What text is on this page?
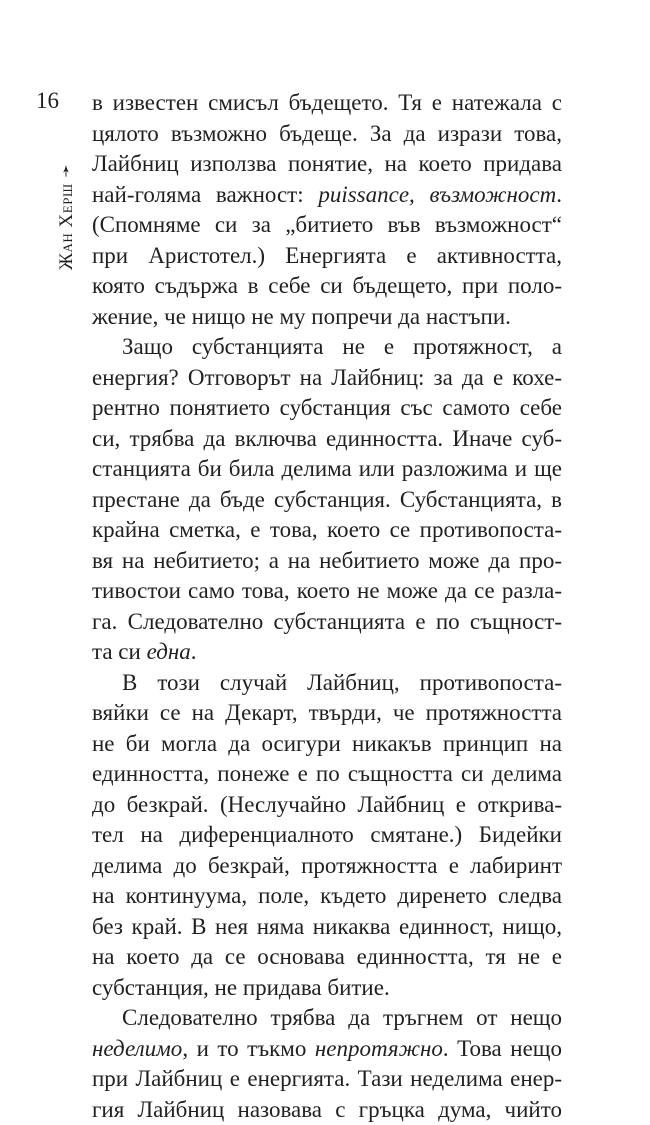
16
Жан Херш
➛
в известен смисъл бъдещето. Тя е натежала с
цялото възможно бъдеще. За да изрази това,
Лайбниц използва понятие, на което придава
най-голяма важност: puissance, възможност.
(Спомняме си за „битието във възможност“
при Аристотел.) Енергията е активността,
която съдържа в себе си бъдещето, при поло-
жение, че нищо не му попречи да настъпи.
Защо субстанцията не е протяжност, а
енергия? Отговорът на Лайбниц: за да е кохе-
рентно понятието субстанция със самото себе
си, трябва да включва единността. Иначе суб-
станцията би била делима или разложима и ще
престане да бъде субстанция. Субстанцията, в
крайна сметка, е това, което се противопоста-
вя на небитието; а на небитието може да про-
тивостои само това, което не може да се разла-
га. Следователно субстанцията е по същност-
та си една.
В този случай Лайбниц, противопоста-
вяйки се на Декарт, твърди, че протяжността
не би могла да осигури никакъв принцип на
единността, понеже е по същността си делима
до безкрай. (Неслучайно Лайбниц е открива-
тел на диференциалното смятане.) Бидейки
делима до безкрай, протяжността е лабиринт
на континуума, поле, където диренето следва
без край. В нея няма никаква единност, нищо,
на което да се основава единността, тя не е
субстанция, не придава битие.
Следователно трябва да тръгнем от нещо
неделимо, и то тъкмо непротяжно. Това нещо
при Лайбниц е енергията. Тази неделима енер-
гия Лайбниц назовава с гръцка дума, чийто
